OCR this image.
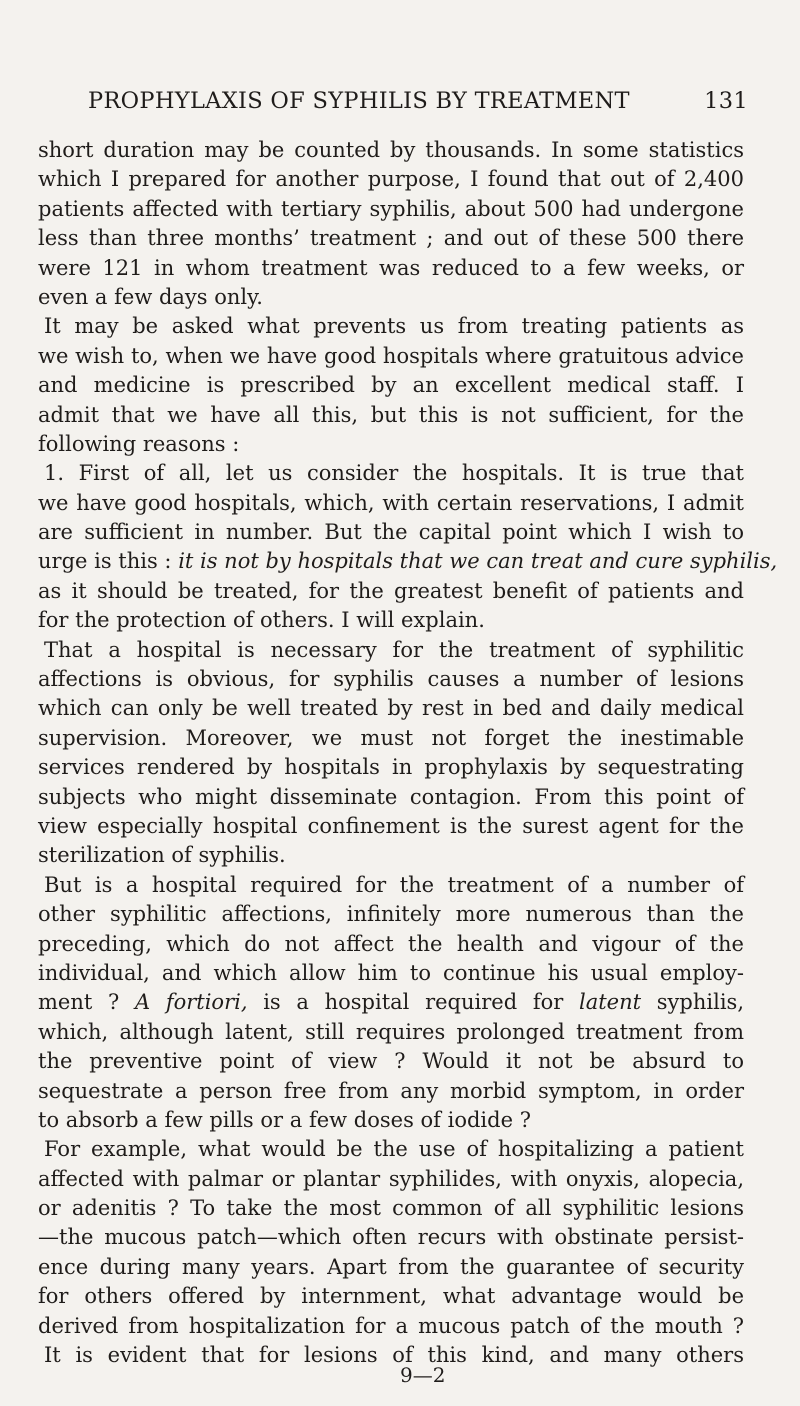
PROPHYLAXIS OF SYPHILIS BY TREATMENT	131
short duration may be counted by thousands. In some statistics
which I prepared for another purpose, I found that out of 2,400
patients affected with tertiary syphilis, about 500 had undergone
less than three months’ treatment ; and out of these 500 there
were 121 in whom treatment was reduced to a few weeks, or
even a few days only.
It may be asked what prevents us from treating patients as
we wish to, when we have good hospitals where gratuitous advice
and medicine is prescribed by an excellent medical staff. I
admit that we have all this, but this is not sufficient, for the
following reasons :
1. First of all, let us consider the hospitals. It is true that
we have good hospitals, which, with certain reservations, I admit
are sufficient in number. But the capital point which I wish to
urge is this : it is not by hospitals that we can treat and cure syphilis,
as it should be treated, for the greatest benefit of patients and
for the protection of others. I will explain.
That a hospital is necessary for the treatment of syphilitic
affections is obvious, for syphilis causes a number of lesions
which can only be well treated by rest in bed and daily medical
supervision. Moreover, we must not forget the inestimable
services rendered by hospitals in prophylaxis by sequestrating
subjects who might disseminate contagion. From this point of
view especially hospital confinement is the surest agent for the
sterilization of syphilis.
But is a hospital required for the treatment of a number of
other syphilitic affections, infinitely more numerous than the
preceding, which do not affect the health and vigour of the
individual, and which allow him to continue his usual employ-
ment ? A fortiori, is a hospital required for latent syphilis,
which, although latent, still requires prolonged treatment from
the preventive point of view ? Would it not be absurd to
sequestrate a person free from any morbid symptom, in order
to absorb a few pills or a few doses of iodide ?
For example, what would be the use of hospitalizing a patient
affected with palmar or plantar syphilides, with onyxis, alopecia,
or adenitis ? To take the most common of all syphilitic lesions
—the mucous patch—which often recurs with obstinate persist-
ence during many years. Apart from the guarantee of security
for others offered by internment, what advantage would be
derived from hospitalization for a mucous patch of the mouth ?
It is evident that for lesions of this kind, and many others
9—2
